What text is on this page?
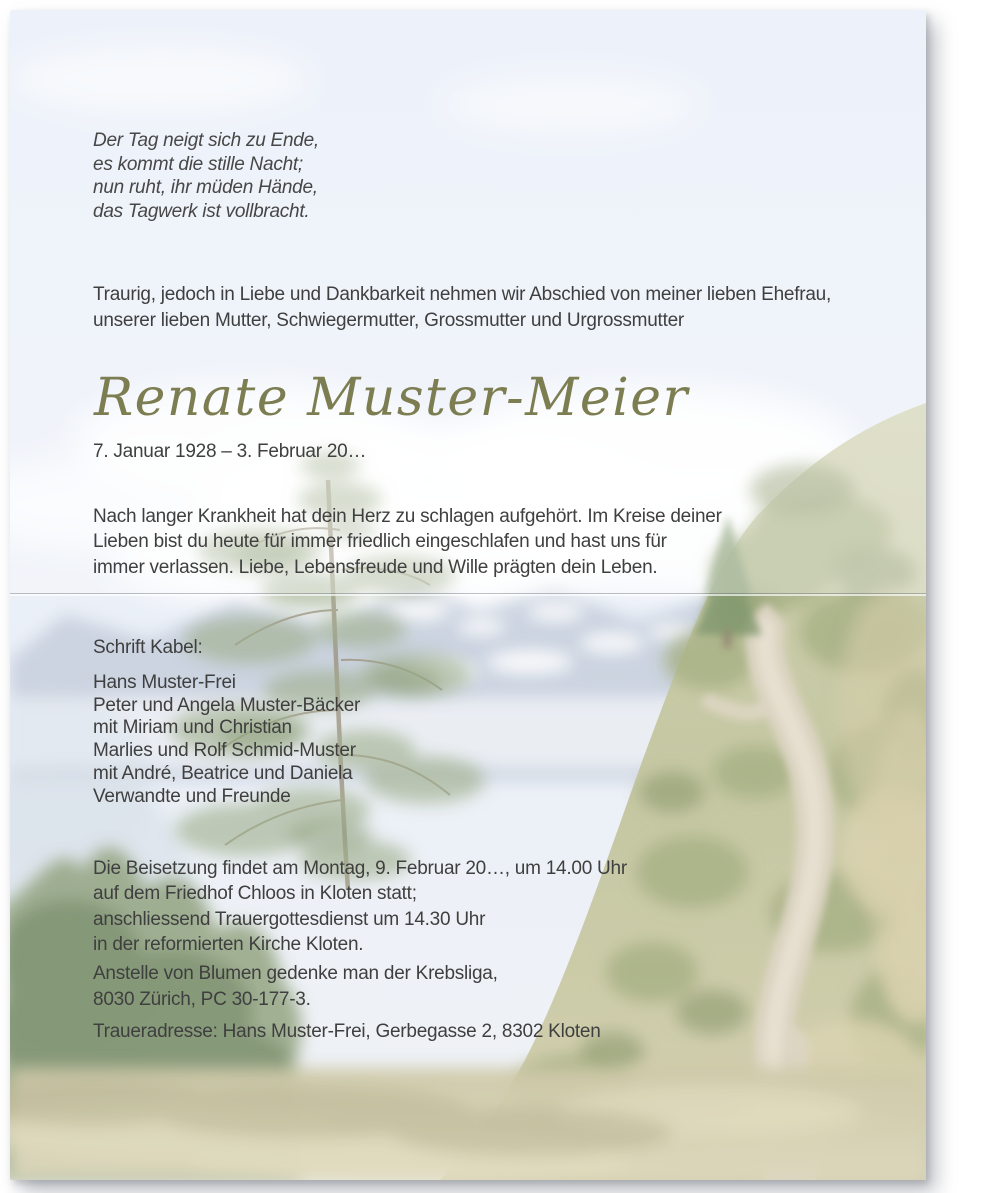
Der Tag neigt sich zu Ende,
es kommt die stille Nacht;
nun ruht, ihr müden Hände,
das Tagwerk ist vollbracht.
Traurig, jedoch in Liebe und Dankbarkeit nehmen wir Abschied von meiner lieben Ehefrau,
unserer lieben Mutter, Schwiegermutter, Grossmutter und Urgrossmutter
Renate Muster-Meier
7. Januar 1928 – 3. Februar 20…
Nach langer Krankheit hat dein Herz zu schlagen aufgehört. Im Kreise deiner
Lieben bist du heute für immer friedlich eingeschlafen und hast uns für
immer verlassen. Liebe, Lebensfreude und Wille prägten dein Leben.
Schrift Kabel:
Hans Muster-Frei
Peter und Angela Muster-Bäcker
mit Miriam und Christian
Marlies und Rolf Schmid-Muster
mit André, Beatrice und Daniela
Verwandte und Freunde
Die Beisetzung findet am Montag, 9. Februar 20…, um 14.00 Uhr
auf dem Friedhof Chloos in Kloten statt;
anschliessend Trauergottesdienst um 14.30 Uhr
in der reformierten Kirche Kloten.
Anstelle von Blumen gedenke man der Krebsliga,
8030 Zürich, PC 30-177-3.
Traueradresse: Hans Muster-Frei, Gerbegasse 2, 8302 Kloten
